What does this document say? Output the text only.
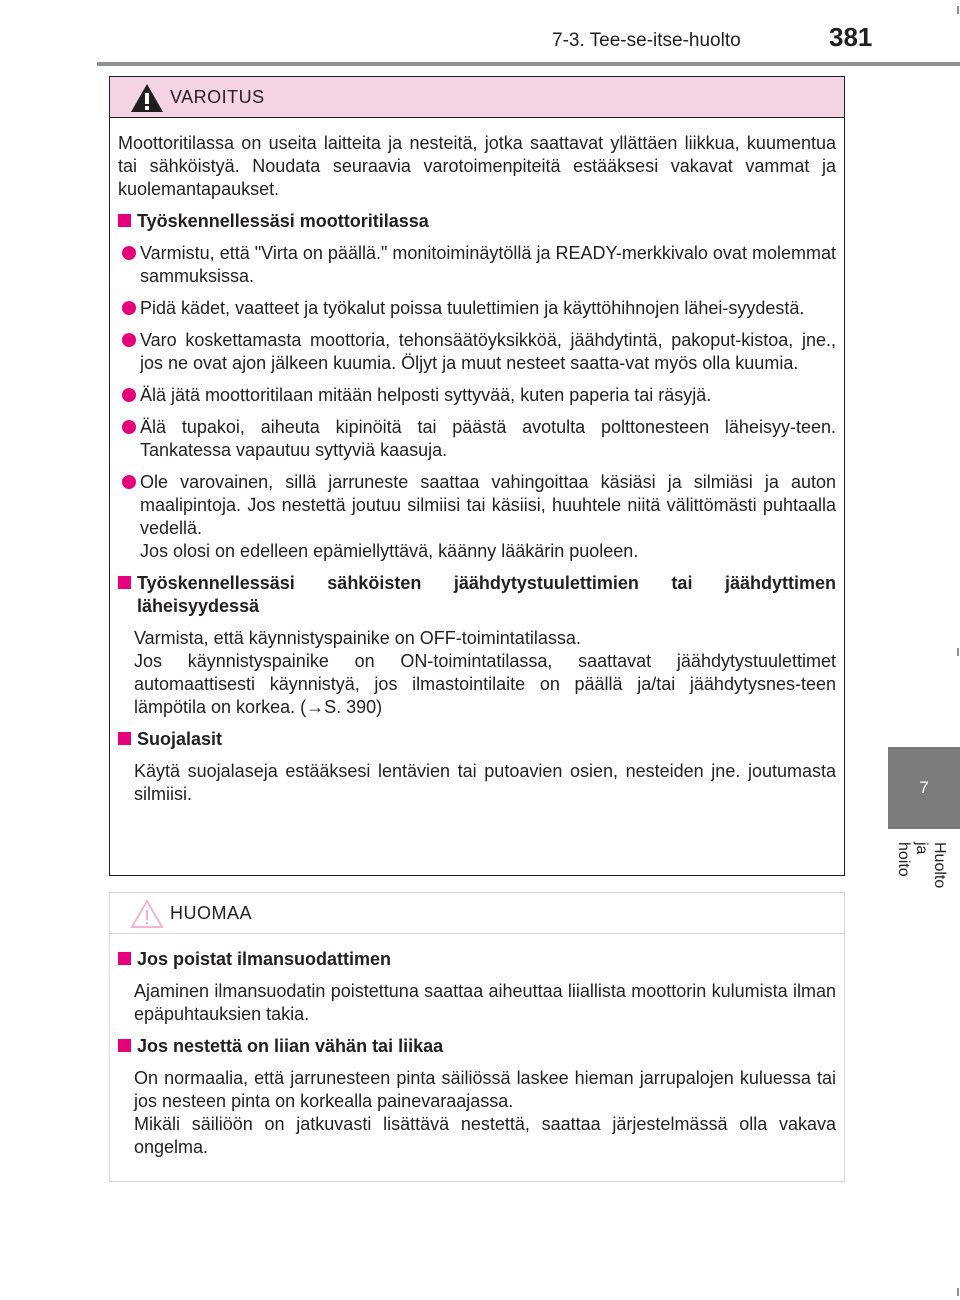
7-3. Tee-se-itse-huolto	381
7
Huolto ja hoito
VAROITUS

Moottoritilassa on useita laitteita ja nesteitä, jotka saattavat yllättäen liikkua, kuumentua tai sähköistyä. Noudata seuraavia varotoimenpiteitä estääksesi vakavat vammat ja kuolemantapaukset.

Työskennellessäsi moottoritilassa

Varmistu, että "Virta on päällä." monitoiminäytöllä ja READY-merkkivalo ovat molemmat sammuksissa.

Pidä kädet, vaatteet ja työkalut poissa tuulettimien ja käyttöhihnojen lähei-syydestä.

Varo koskettamasta moottoria, tehonsäätöyksikköä, jäähdytintä, pakoput-kistoa, jne., jos ne ovat ajon jälkeen kuumia. Öljyt ja muut nesteet saatta-vat myös olla kuumia.

Älä jätä moottoritilaan mitään helposti syttyvää, kuten paperia tai räsyjä.

Älä tupakoi, aiheuta kipinöitä tai päästä avotulta polttonesteen läheisyy-teen. Tankatessa vapautuu syttyviä kaasuja.

Ole varovainen, sillä jarruneste saattaa vahingoittaa käsiäsi ja silmiäsi ja auton maalipintoja. Jos nestettä joutuu silmiisi tai käsiisi, huuhtele niitä välittömästi puhtaalla vedellä.
Jos olosi on edelleen epämiellyttävä, käänny lääkärin puoleen.

Työskennellessäsi sähköisten jäähdytystuulettimien tai jäähdyttimen läheisyydessä

Varmista, että käynnistyspainike on OFF-toimintatilassa.
Jos käynnistyspainike on ON-toimintatilassa, saattavat jäähdytystuulettimet automaattisesti käynnistyä, jos ilmastointilaite on päällä ja/tai jäähdytysnes-teen lämpötila on korkea. (→S. 390)

Suojalasit

Käytä suojalaseja estääksesi lentävien tai putoavien osien, nesteiden jne. joutumasta silmiisi.

HUOMAA
Jos poistat ilmansuodattimen

Ajaminen ilmansuodatin poistettuna saattaa aiheuttaa liiallista moottorin kulumista ilman epäpuhtauksien takia.

Jos nestettä on liian vähän tai liikaa

On normaalia, että jarrunesteen pinta säiliössä laskee hieman jarrupalojen kuluessa tai jos nesteen pinta on korkealla painevaraajassa.
Mikäli säiliöön on jatkuvasti lisättävä nestettä, saattaa järjestelmässä olla vakava ongelma.
